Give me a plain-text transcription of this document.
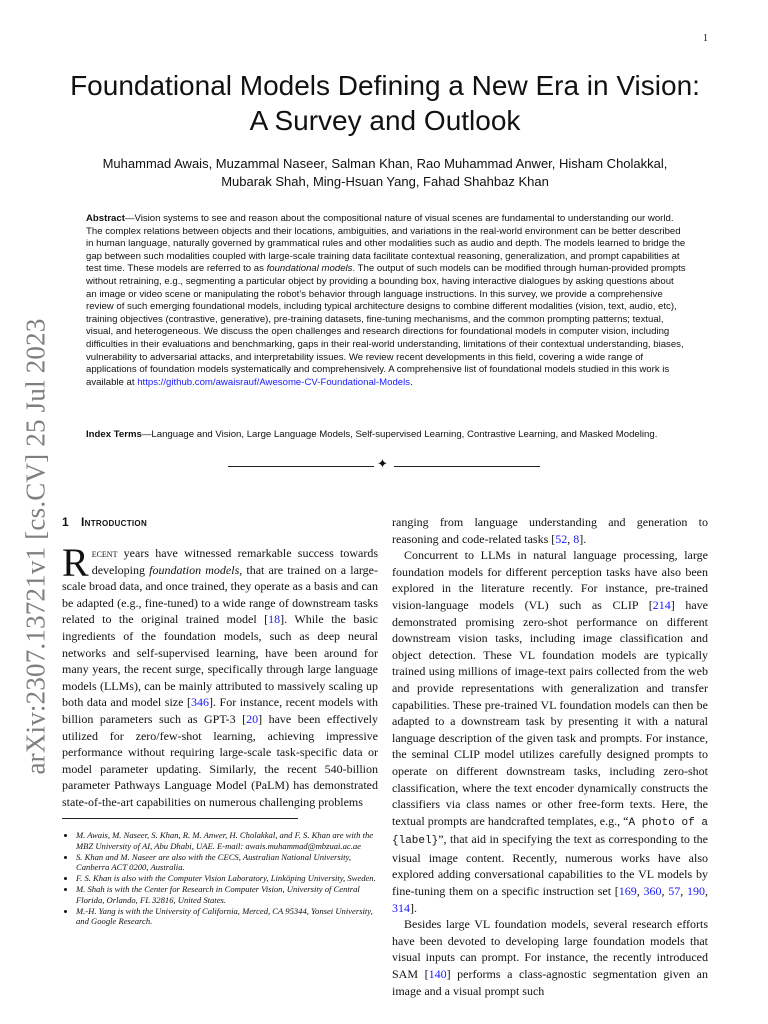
1
arXiv:2307.13721v1 [cs.CV] 25 Jul 2023
Foundational Models Defining a New Era in Vision: A Survey and Outlook
Muhammad Awais, Muzammal Naseer, Salman Khan, Rao Muhammad Anwer, Hisham Cholakkal,
Mubarak Shah, Ming-Hsuan Yang, Fahad Shahbaz Khan
Abstract—Vision systems to see and reason about the compositional nature of visual scenes are fundamental to understanding our world. The complex relations between objects and their locations, ambiguities, and variations in the real-world environment can be better described in human language, naturally governed by grammatical rules and other modalities such as audio and depth. The models learned to bridge the gap between such modalities coupled with large-scale training data facilitate contextual reasoning, generalization, and prompt capabilities at test time. These models are referred to as foundational models. The output of such models can be modified through human-provided prompts without retraining, e.g., segmenting a particular object by providing a bounding box, having interactive dialogues by asking questions about an image or video scene or manipulating the robot’s behavior through language instructions. In this survey, we provide a comprehensive review of such emerging foundational models, including typical architecture designs to combine different modalities (vision, text, audio, etc), training objectives (contrastive, generative), pre-training datasets, fine-tuning mechanisms, and the common prompting patterns; textual, visual, and heterogeneous. We discuss the open challenges and research directions for foundational models in computer vision, including difficulties in their evaluations and benchmarking, gaps in their real-world understanding, limitations of their contextual understanding, biases, vulnerability to adversarial attacks, and interpretability issues. We review recent developments in this field, covering a wide range of applications of foundation models systematically and comprehensively. A comprehensive list of foundational models studied in this work is available at https://github.com/awaisrauf/Awesome-CV-Foundational-Models.
Index Terms—Language and Vision, Large Language Models, Self-supervised Learning, Contrastive Learning, and Masked Modeling.
✦
1 Introduction

Recent years have witnessed remarkable success towards developing foundation models, that are trained on a large-scale broad data, and once trained, they operate as a basis and can be adapted (e.g., fine-tuned) to a wide range of downstream tasks related to the original trained model [18]. While the basic ingredients of the foundation models, such as deep neural networks and self-supervised learning, have been around for many years, the recent surge, specifically through large language models (LLMs), can be mainly attributed to massively scaling up both data and model size [346]. For instance, recent models with billion parameters such as GPT-3 [20] have been effectively utilized for zero/few-shot learning, achieving impressive performance without requiring large-scale task-specific data or model parameter updating. Similarly, the recent 540-billion parameter Pathways Language Model (PaLM) has demonstrated state-of-the-art capabilities on numerous challenging problems

• M. Awais, M. Naseer, S. Khan, R. M. Anwer, H. Cholakkal, and F. S. Khan are with the MBZ University of AI, Abu Dhabi, UAE. E-mail: awais.muhammad@mbzuai.ac.ae
• S. Khan and M. Naseer are also with the CECS, Australian National University, Canberra ACT 0200, Australia.
• F. S. Khan is also with the Computer Vision Laboratory, Linköping University, Sweden.
• M. Shah is with the Center for Research in Computer Vision, University of Central Florida, Orlando, FL 32816, United States.
• M.-H. Yang is with the University of California, Merced, CA 95344, Yonsei University, and Google Research.

ranging from language understanding and generation to reasoning and code-related tasks [52, 8].

Concurrent to LLMs in natural language processing, large foundation models for different perception tasks have also been explored in the literature recently. For instance, pre-trained vision-language models (VL) such as CLIP [214] have demonstrated promising zero-shot performance on different downstream vision tasks, including image classification and object detection. These VL foundation models are typically trained using millions of image-text pairs collected from the web and provide representations with generalization and transfer capabilities. These pre-trained VL foundation models can then be adapted to a downstream task by presenting it with a natural language description of the given task and prompts. For instance, the seminal CLIP model utilizes carefully designed prompts to operate on different downstream tasks, including zero-shot classification, where the text encoder dynamically constructs the classifiers via class names or other free-form texts. Here, the textual prompts are handcrafted templates, e.g., “A photo of a {label}”, that aid in specifying the text as corresponding to the visual image content. Recently, numerous works have also explored adding conversational capabilities to the VL models by fine-tuning them on a specific instruction set [169, 360, 57, 190, 314].

Besides large VL foundation models, several research efforts have been devoted to developing large foundation models that visual inputs can prompt. For instance, the recently introduced SAM [140] performs a class-agnostic segmentation given an image and a visual prompt such
